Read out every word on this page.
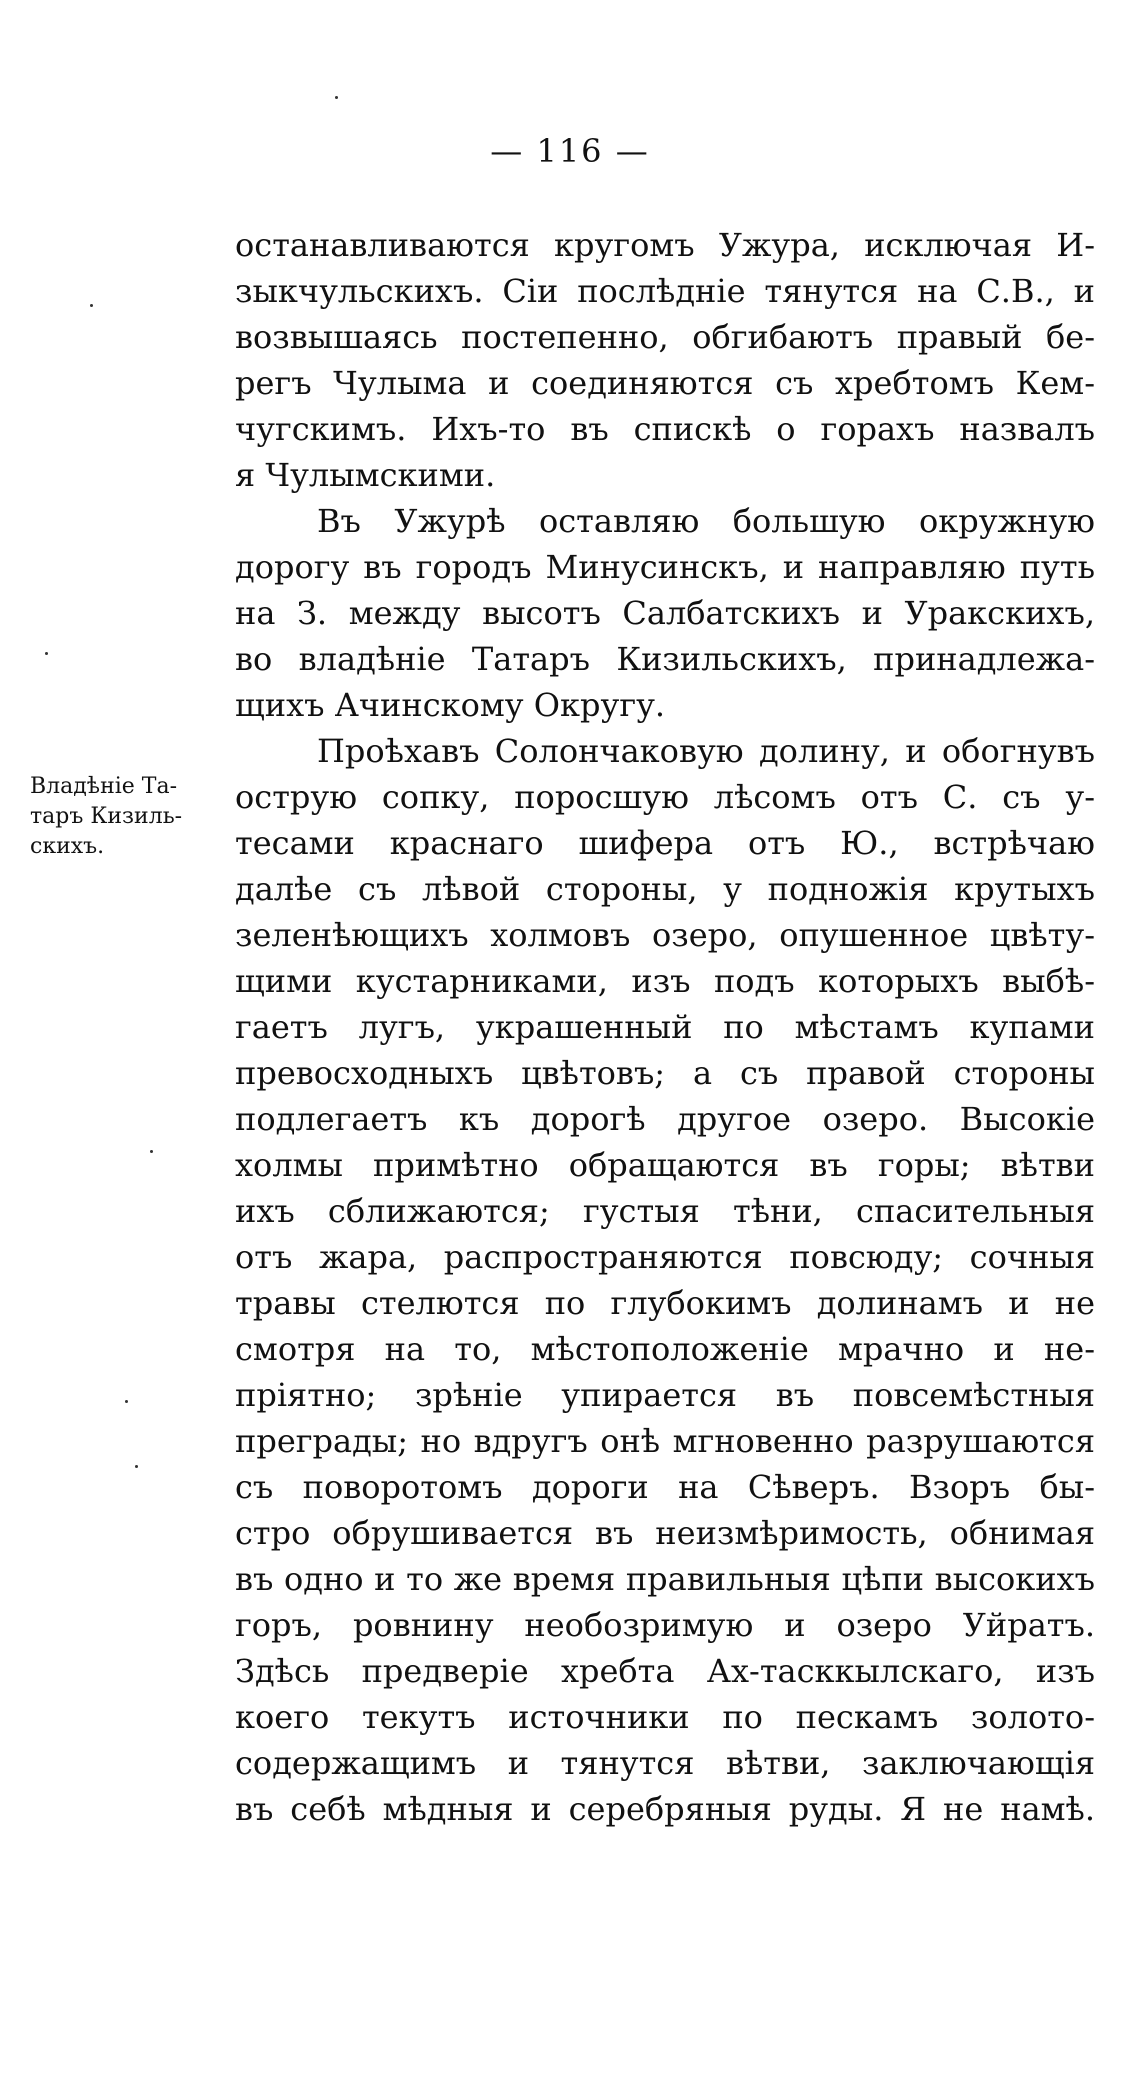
— 116 —
Владѣніе Та-
таръ Кизиль-
скихъ.
останавливаются кругомъ Ужура, исключая И-
зыкчульскихъ. Сіи послѣдніе тянутся на С.В., и
возвышаясь постепенно, обгибаютъ правый бе-
регъ Чулыма и соединяются съ хребтомъ Кем-
чугскимъ. Ихъ-то въ спискѣ о горахъ назвалъ
я Чулымскими.
Въ Ужурѣ оставляю большую окружную
дорогу въ городъ Минусинскъ, и направляю путь
на З. между высотъ Салбатскихъ и Уракскихъ,
во владѣніе Татаръ Кизильскихъ, принадлежа-
щихъ Ачинскому Округу.
Проѣхавъ Солончаковую долину, и обогнувъ
острую сопку, поросшую лѣсомъ отъ С. съ у-
тесами краснаго шифера отъ Ю., встрѣчаю
далѣе съ лѣвой стороны, у подножія крутыхъ
зеленѣющихъ холмовъ озеро, опушенное цвѣту-
щими кустарниками, изъ подъ которыхъ выбѣ-
гаетъ лугъ, украшенный по мѣстамъ купами
превосходныхъ цвѣтовъ; а съ правой стороны
подлегаетъ къ дорогѣ другое озеро. Высокіе
холмы примѣтно обращаются въ горы; вѣтви
ихъ сближаются; густыя тѣни, спасительныя
отъ жара, распространяются повсюду; сочныя
травы стелются по глубокимъ долинамъ и не
смотря на то, мѣстоположеніе мрачно и не-
пріятно; зрѣніе упирается въ повсемѣстныя
преграды; но вдругъ онѣ мгновенно разрушаются
съ поворотомъ дороги на Сѣверъ. Взоръ бы-
стро обрушивается въ неизмѣримость, обнимая
въ одно и то же время правильныя цѣпи высокихъ
горъ, ровнину необозримую и озеро Уйратъ.
Здѣсь предверіе хребта Ах-тасккылскаго, изъ
коего текутъ источники по пескамъ золото-
содержащимъ и тянутся вѣтви, заключающія
въ себѣ мѣдныя и серебряныя руды. Я не намѣ.
